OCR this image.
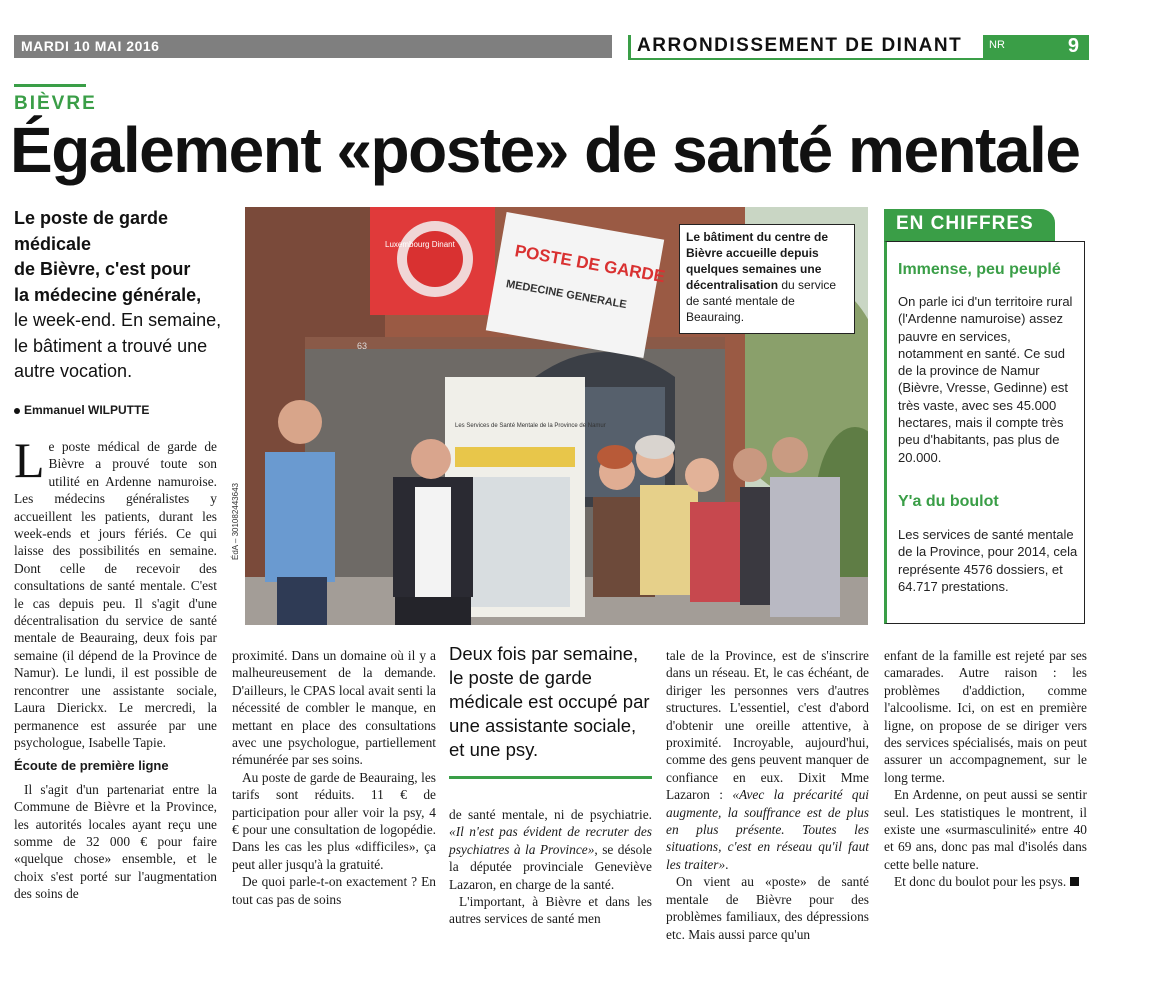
MARDI 10 MAI 2016	ARRONDISSEMENT DE DINANT NR	9
BIÈVRE
Également «poste» de santé mentale
Le poste de garde médicale
de Bièvre, c'est pour
la médecine générale,
le week-end. En semaine, le bâtiment a trouvé une autre vocation.
Emmanuel WILPUTTE

Le poste médical de garde de Bièvre a prouvé toute son utilité en Ardenne namuroise. Les médecins généralistes y accueillent les patients, durant les week-ends et jours fériés. Ce qui laisse des possibilités en semaine. Dont celle de recevoir des consultations de santé mentale. C'est le cas depuis peu. Il s'agit d'une décentralisation du service de santé mentale de Beauraing, deux fois par semaine (il dépend de la Province de Namur). Le lundi, il est possible de rencontrer une assistante sociale, Laura Dierickx. Le mercredi, la permanence est assurée par une psychologue, Isabelle Tapie.

Écoute de première ligne

Il s'agit d'un partenariat entre la Commune de Bièvre et la Province, les autorités locales ayant reçu une somme de 32 000 € pour faire «quelque chose» ensemble, et le choix s'est porté sur l'augmentation des soins de

proximité. Dans un domaine où il y a malheureusement de la demande. D'ailleurs, le CPAS local avait senti la nécessité de combler le manque, en mettant en place des consultations avec une psychologue, partiellement rémunérée par ses soins.

Au poste de garde de Beauraing, les tarifs sont réduits. 11 € de participation pour aller voir la psy, 4 € pour une consultation de logopédie. Dans les cas les plus «difficiles», ça peut aller jusqu'à la gratuité.

De quoi parle-t-on exactement ? En tout cas pas de soins

Deux fois par semaine, le poste de garde médicale est occupé par une assistante sociale, et une psy.

de santé mentale, ni de psychiatrie. «Il n'est pas évident de recruter des psychiatres à la Province», se désole la députée provinciale Geneviève Lazaron, en charge de la santé.

L'important, à Bièvre et dans les autres services de santé men

tale de la Province, est de s'inscrire dans un réseau. Et, le cas échéant, de diriger les personnes vers d'autres structures. L'essentiel, c'est d'abord d'obtenir une oreille attentive, à proximité. Incroyable, aujourd'hui, comme des gens peuvent manquer de confiance en eux. Dixit Mme Lazaron : «Avec la précarité qui augmente, la souffrance est de plus en plus présente. Toutes les situations, c'est en réseau qu'il faut les traiter».

On vient au «poste» de santé mentale de Bièvre pour des problèmes familiaux, des dépressions etc. Mais aussi parce qu'un

enfant de la famille est rejeté par ses camarades. Autre raison : les problèmes d'addiction, comme l'alcoolisme. Ici, on est en première ligne, on propose de se diriger vers des services spécialisés, mais on peut assurer un accompagnement, sur le long terme.

En Ardenne, on peut aussi se sentir seul. Les statistiques le montrent, il existe une «surmasculinité» entre 40 et 69 ans, donc pas mal d'isolés dans cette belle nature.

Et donc du boulot pour les psys.

POSTE DE GARDE
MEDECINE GENERALE
Luxembourg Dinant
63
Les Services de Santé Mentale de la Province de Namur
ÉdA – 301082443643
Le bâtiment du centre de Bièvre accueille depuis quelques semaines une décentralisation du service de santé mentale de Beauraing.
EN CHIFFRES
Immense, peu peuplé
On parle ici d'un territoire rural (l'Ardenne namuroise) assez pauvre en services, notamment en santé. Ce sud de la province de Namur (Bièvre, Vresse, Gedinne) est très vaste, avec ses 45.000 hectares, mais il compte très peu d'habitants, pas plus de 20.000.
Y'a du boulot
Les services de santé mentale de la Province, pour 2014, cela représente 4576 dossiers, et 64.717 prestations.
